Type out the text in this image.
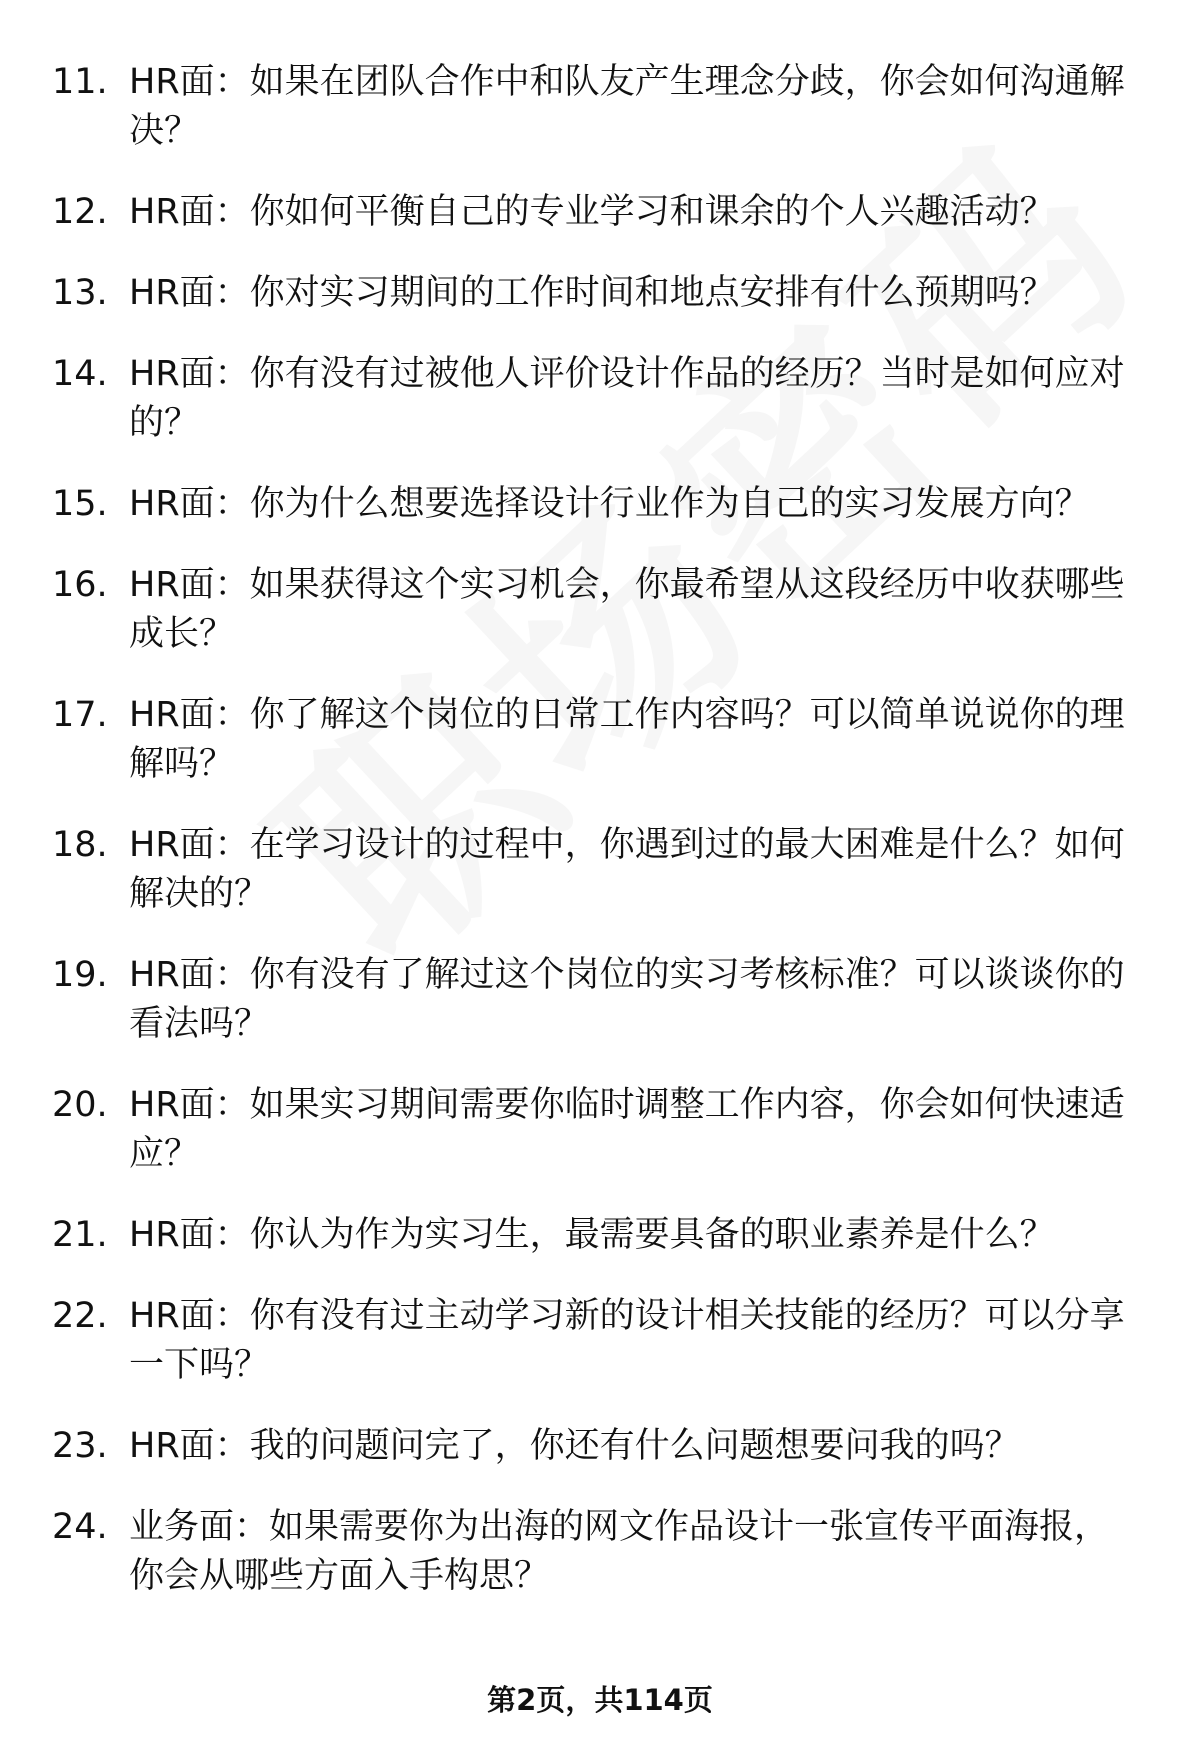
11. HR面：如果在团队合作中和队友产生理念分歧，你会如何沟通解决？
12. HR面：你如何平衡自己的专业学习和课余的个人兴趣活动？
13. HR面：你对实习期间的工作时间和地点安排有什么预期吗？
14. HR面：你有没有过被他人评价设计作品的经历？当时是如何应对的？
15. HR面：你为什么想要选择设计行业作为自己的实习发展方向？
16. HR面：如果获得这个实习机会，你最希望从这段经历中收获哪些成长？
17. HR面：你了解这个岗位的日常工作内容吗？可以简单说说你的理解吗？
18. HR面：在学习设计的过程中，你遇到过的最大困难是什么？如何解决的？
19. HR面：你有没有了解过这个岗位的实习考核标准？可以谈谈你的看法吗？
20. HR面：如果实习期间需要你临时调整工作内容，你会如何快速适应？
21. HR面：你认为作为实习生，最需要具备的职业素养是什么？
22. HR面：你有没有过主动学习新的设计相关技能的经历？可以分享一下吗？
23. HR面：我的问题问完了，你还有什么问题想要问我的吗？
24. 业务面：如果需要你为出海的网文作品设计一张宣传平面海报，你会从哪些方面入手构思？
第2页，共114页
